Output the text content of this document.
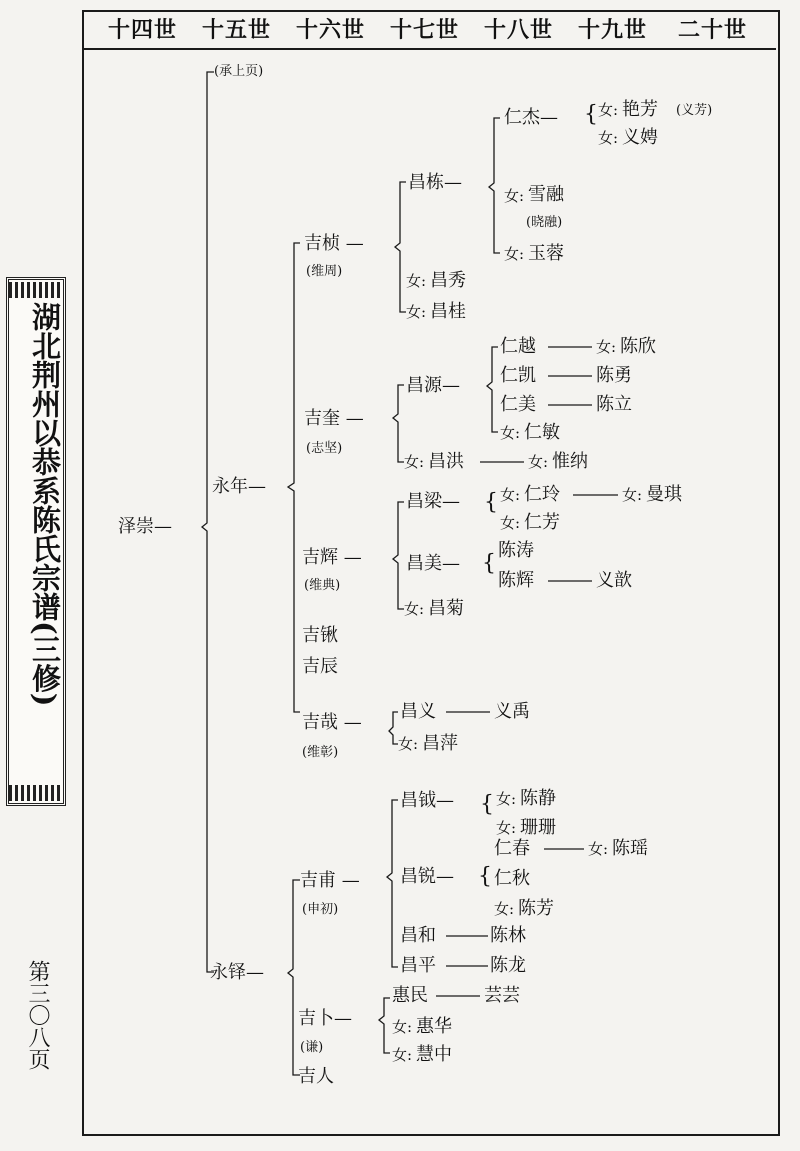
湖北荆州以恭系陈氏宗谱(三修)
第三〇八页
十四世 十五世 十六世 十七世 十八世 十九世 二十世
(承上页)
泽崇—
永年—
永铎—
吉桢 —
(维周)
吉奎 —
(志坚)
吉辉 —
(维典)
吉锹
吉辰
吉哉 —
(维彰)
吉甫 —
(申初)
吉卜—
(谦)
吉人
昌栋—
女: 昌秀
女: 昌桂
昌源—
女: 昌洪
昌梁—
昌美—
女: 昌菊
昌义
女: 昌萍
昌钺—
昌锐—
昌和
昌平
惠民
女: 惠华
女: 慧中
仁杰—
女: 雪融
(晓融)
女: 玉蓉
仁越
仁凯
仁美
女: 仁敏
{ 女: 仁玲
女: 仁芳
{
陈涛
陈辉
{ 女: 陈静
女: 珊珊
{
仁春
仁秋
女: 陈芳
{ 女: 艳芳 (义芳)
女: 义娉
女: 陈欣
陈勇
陈立
女: 惟纳
女: 曼琪
义歆
义禹
女: 陈瑶
陈林
陈龙
芸芸
